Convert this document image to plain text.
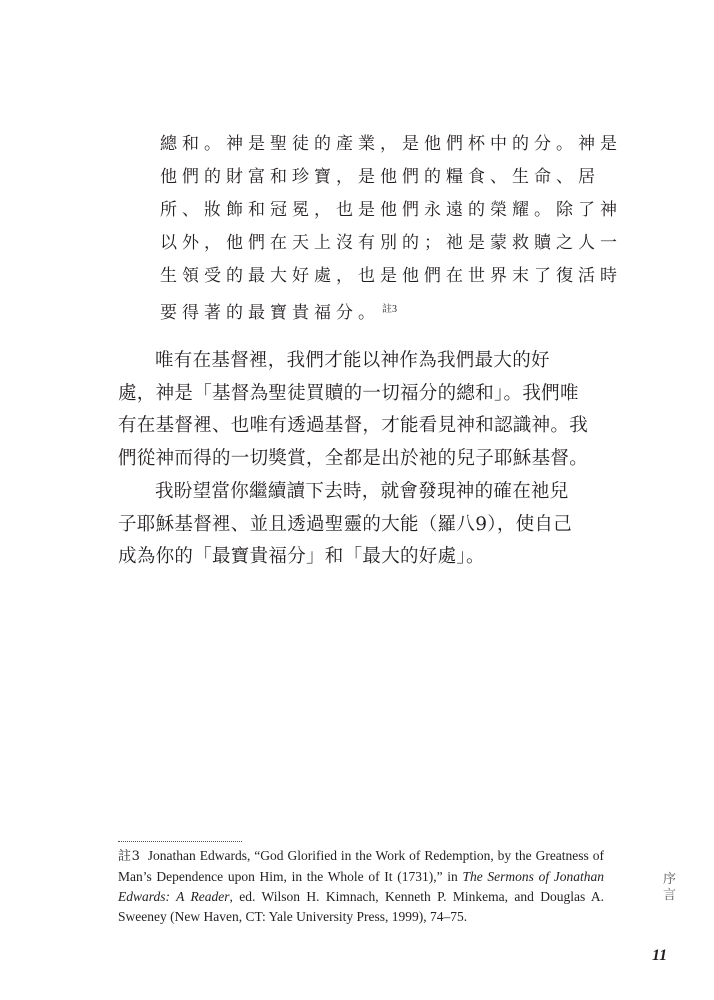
總和。神是聖徒的產業，是他們杯中的分。神是
他們的財富和珍寶，是他們的糧食、生命、居
所、妝飾和冠冕，也是他們永遠的榮耀。除了神
以外，他們在天上沒有別的；祂是蒙救贖之人一
生領受的最大好處，也是他們在世界末了復活時
要得著的最寶貴福分。 $^{註3}$
唯有在基督裡，我們才能以神作為我們最大的好
處，神是「基督為聖徒買贖的一切福分的總和」。我們唯
有在基督裡、也唯有透過基督，才能看見神和認識神。我
們從神而得的一切獎賞，全都是出於祂的兒子耶穌基督。
我盼望當你繼續讀下去時，就會發現神的確在祂兒
子耶穌基督裡、並且透過聖靈的大能（羅八9），使自己
成為你的「最寶貴福分」和「最大的好處」。
註3 Jonathan Edwards, “God Glorified in the Work of Redemption, by the Greatness of Man’s Dependence upon Him, in the Whole of It (1731),” in The Sermons of Jonathan Edwards: A Reader, ed. Wilson H. Kimnach, Kenneth P. Minkema, and Douglas A. Sweeney (New Haven, CT: Yale University Press, 1999), 74–75.
序
言
11
